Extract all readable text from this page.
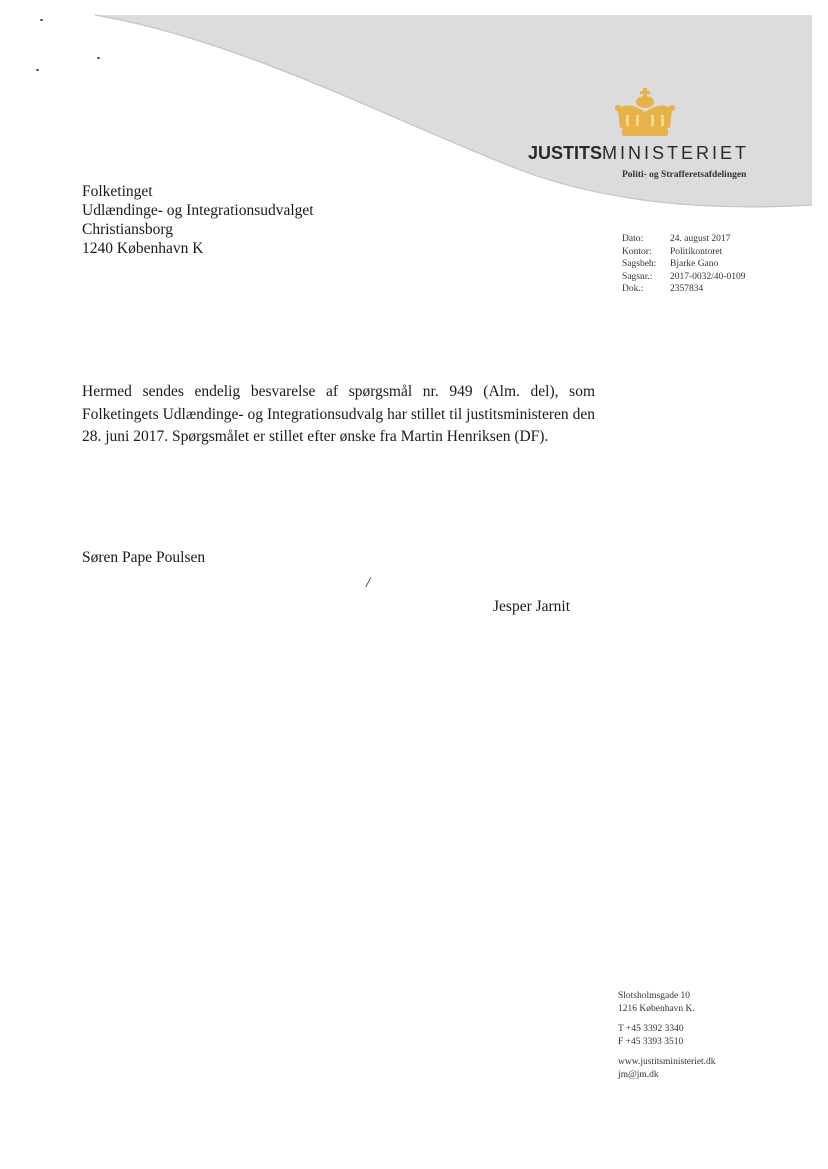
JUSTITSMINISTERIET
Politi- og Strafferetsafdelingen
Folketinget
Udlændinge- og Integrationsudvalget
Christiansborg
1240 København K
Dato:	24. august 2017
Kontor:	Politikontoret
Sagsbeh:	Bjarke Gano
Sagsnr.:	2017-0032/40-0109
Dok.:	2357834
Hermed sendes endelig besvarelse af spørgsmål nr. 949 (Alm. del), som Folketingets Udlændinge- og Integrationsudvalg har stillet til justitsministeren den 28. juni 2017. Spørgsmålet er stillet efter ønske fra Martin Henriksen (DF).
Søren Pape Poulsen
/
Jesper Jarnit
Slotsholmsgade 10
1216 København K.
T +45 3392 3340
F +45 3393 3510
www.justitsministeriet.dk
jm@jm.dk
